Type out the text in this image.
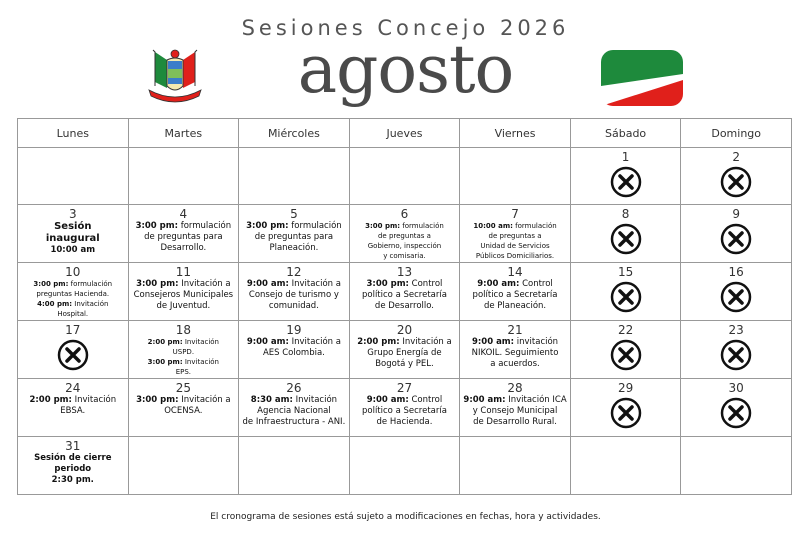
Sesiones Concejo 2026
agosto
Lunes	Martes	Miércoles	Jueves	Viernes	Sábado	Domingo

					1	2

3
Sesión
inaugural
10:00 am	4
3:00 pm: formulación
de preguntas para
Desarrollo.	5
3:00 pm: formulación
de preguntas para
Planeación.	6
3:00 pm: formulación
de preguntas a
Gobierno, inspección
y comisaria.	7
10:00 am: formulación
de preguntas a
Unidad de Servicios
Públicos Domiciliarios.	8	9

10
3:00 pm: formulación
preguntas Hacienda.
4:00 pm: Invitación
Hospital.	11
3:00 pm: Invitación a
Consejeros Municipales
de Juventud.	12
9:00 am: Invitación a
Consejo de turismo y
comunidad.	13
3:00 pm: Control
político a Secretaría
de Desarrollo.	14
9:00 am: Control
político a Secretaría
de Planeación.	15	16

17	18
2:00 pm: Invitación
USPD.
3:00 pm: Invitación
EPS.	19
9:00 am: Invitación a
AES Colombia.	20
2:00 pm: Invitación a
Grupo Energía de
Bogotá y PEL.	21
9:00 am: invitación
NIKOIL. Seguimiento
a acuerdos.	22	23

24
2:00 pm: Invitación
EBSA.	25
3:00 pm: Invitación a
OCENSA.	26
8:30 am: Invitación
Agencia Nacional
de Infraestructura - ANI.	27
9:00 am: Control
político a Secretaría
de Hacienda.	28
9:00 am: Invitación ICA
y Consejo Municipal
de Desarrollo Rural.	29	30

31
Sesión de cierre
periodo
2:30 pm.						

El cronograma de sesiones está sujeto a modificaciones en fechas, hora y actividades.
